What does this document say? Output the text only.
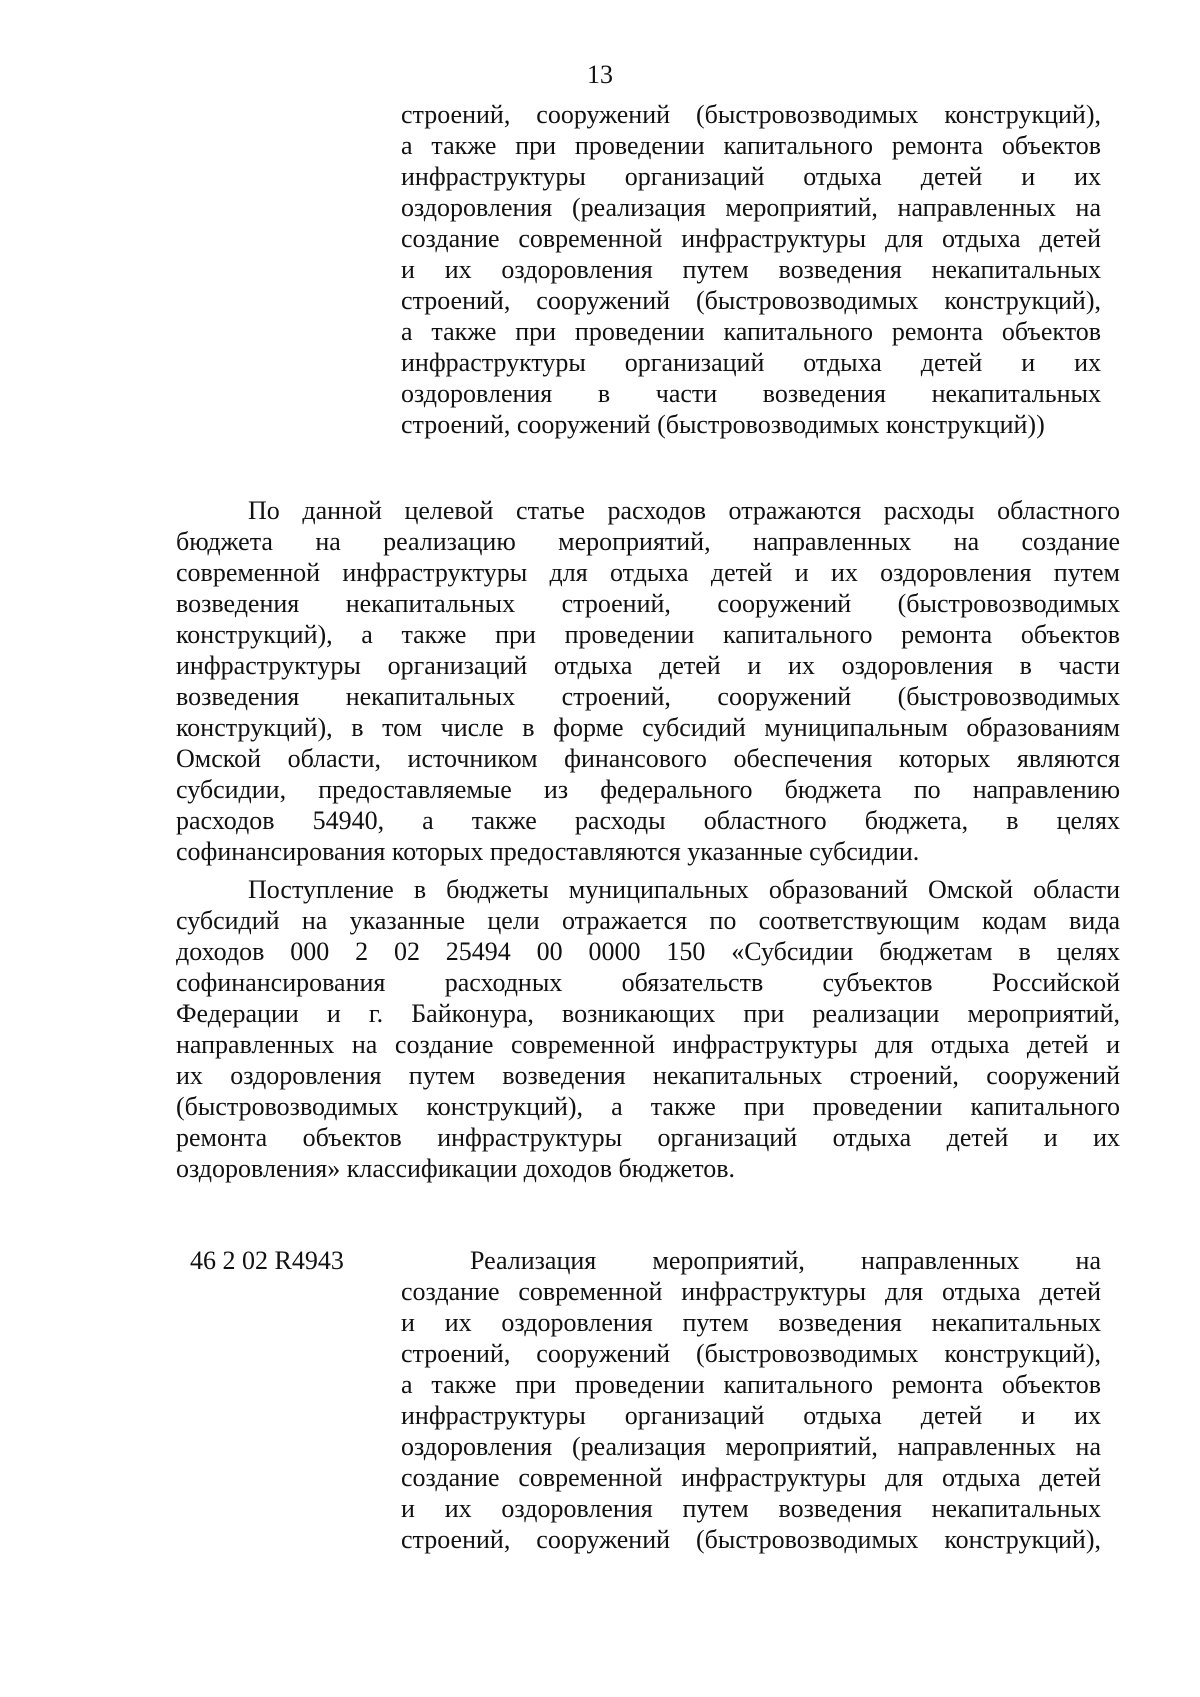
13
строений, сооружений (быстровозводимых конструкций),
а также при проведении капитального ремонта объектов
инфраструктуры организаций отдыха детей и их
оздоровления (реализация мероприятий, направленных на
создание современной инфраструктуры для отдыха детей
и их оздоровления путем возведения некапитальных
строений, сооружений (быстровозводимых конструкций),
а также при проведении капитального ремонта объектов
инфраструктуры организаций отдыха детей и их
оздоровления в части возведения некапитальных
строений, сооружений (быстровозводимых конструкций))
По данной целевой статье расходов отражаются расходы областного
бюджета на реализацию мероприятий, направленных на создание
современной инфраструктуры для отдыха детей и их оздоровления путем
возведения некапитальных строений, сооружений (быстровозводимых
конструкций), а также при проведении капитального ремонта объектов
инфраструктуры организаций отдыха детей и их оздоровления в части
возведения некапитальных строений, сооружений (быстровозводимых
конструкций), в том числе в форме субсидий муниципальным образованиям
Омской области, источником финансового обеспечения которых являются
субсидии, предоставляемые из федерального бюджета по направлению
расходов 54940, а также расходы областного бюджета, в целях
софинансирования которых предоставляются указанные субсидии.
Поступление в бюджеты муниципальных образований Омской области
субсидий на указанные цели отражается по соответствующим кодам вида
доходов 000 2 02 25494 00 0000 150 «Субсидии бюджетам в целях
софинансирования расходных обязательств субъектов Российской
Федерации и г. Байконура, возникающих при реализации мероприятий,
направленных на создание современной инфраструктуры для отдыха детей и
их оздоровления путем возведения некапитальных строений, сооружений
(быстровозводимых конструкций), а также при проведении капитального
ремонта объектов инфраструктуры организаций отдыха детей и их
оздоровления» классификации доходов бюджетов.
46 2 02 R4943	Реализация мероприятий, направленных на
создание современной инфраструктуры для отдыха детей
и их оздоровления путем возведения некапитальных
строений, сооружений (быстровозводимых конструкций),
а также при проведении капитального ремонта объектов
инфраструктуры организаций отдыха детей и их
оздоровления (реализация мероприятий, направленных на
создание современной инфраструктуры для отдыха детей
и их оздоровления путем возведения некапитальных
строений, сооружений (быстровозводимых конструкций),
